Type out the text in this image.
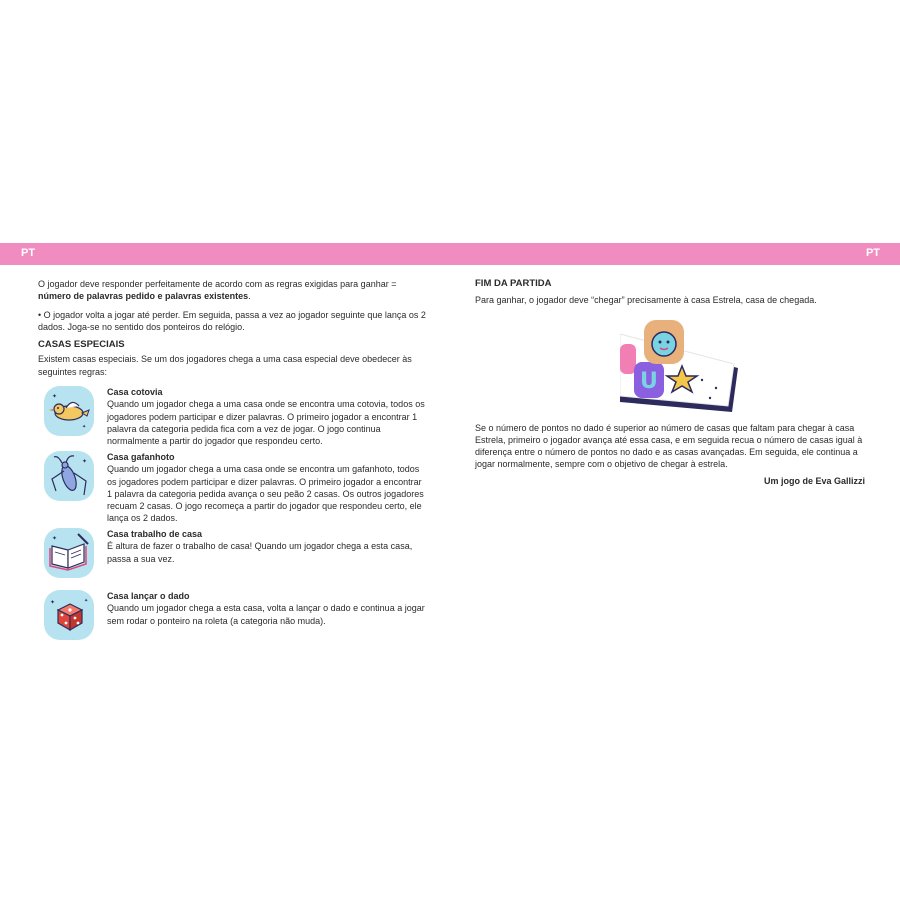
PT	PT

O jogador deve responder perfeitamente de acordo com as regras exigidas para ganhar = número de palavras pedido e palavras existentes.

• O jogador volta a jogar até perder. Em seguida, passa a vez ao jogador seguinte que lança os 2 dados. Joga-se no sentido dos ponteiros do relógio.

CASAS ESPECIAIS

Existem casas especiais. Se um dos jogadores chega a uma casa especial deve obedecer às seguintes regras:

✦
✦
Casa cotovia
Quando um jogador chega a uma casa onde se encontra uma cotovia, todos os jogadores podem participar e dizer palavras. O primeiro jogador a encontrar 1 palavra da categoria pedida fica com a vez de jogar. O jogo continua normalmente a partir do jogador que respondeu certo.
✦ Casa gafanhoto
Quando um jogador chega a uma casa onde se encontra um gafanhoto, todos os jogadores podem participar e dizer palavras. O primeiro jogador a encontrar 1 palavra da categoria pedida avança o seu peão 2 casas. Os outros jogadores recuam 2 casas. O jogo recomeça a partir do jogador que respondeu certo, ele lança os 2 dados.
✦	Casa trabalho de casa
É altura de fazer o trabalho de casa! Quando um jogador chega a esta casa, passa a sua vez.
✦	✦ Casa lançar o dado
Quando um jogador chega a esta casa, volta a lançar o dado e continua a jogar sem rodar o ponteiro na roleta (a categoria não muda).
FIM DA PARTIDA

Para ganhar, o jogador deve “chegar” precisamente à casa Estrela, casa de chegada.

Se o número de pontos no dado é superior ao número de casas que faltam para chegar à casa Estrela, primeiro o jogador avança até essa casa, e em seguida recua o número de casas igual à diferença entre o número de pontos no dado e as casas avançadas. Em seguida, ele continua a jogar normalmente, sempre com o objetivo de chegar à estrela.

U
Um jogo de Eva Gallizzi
